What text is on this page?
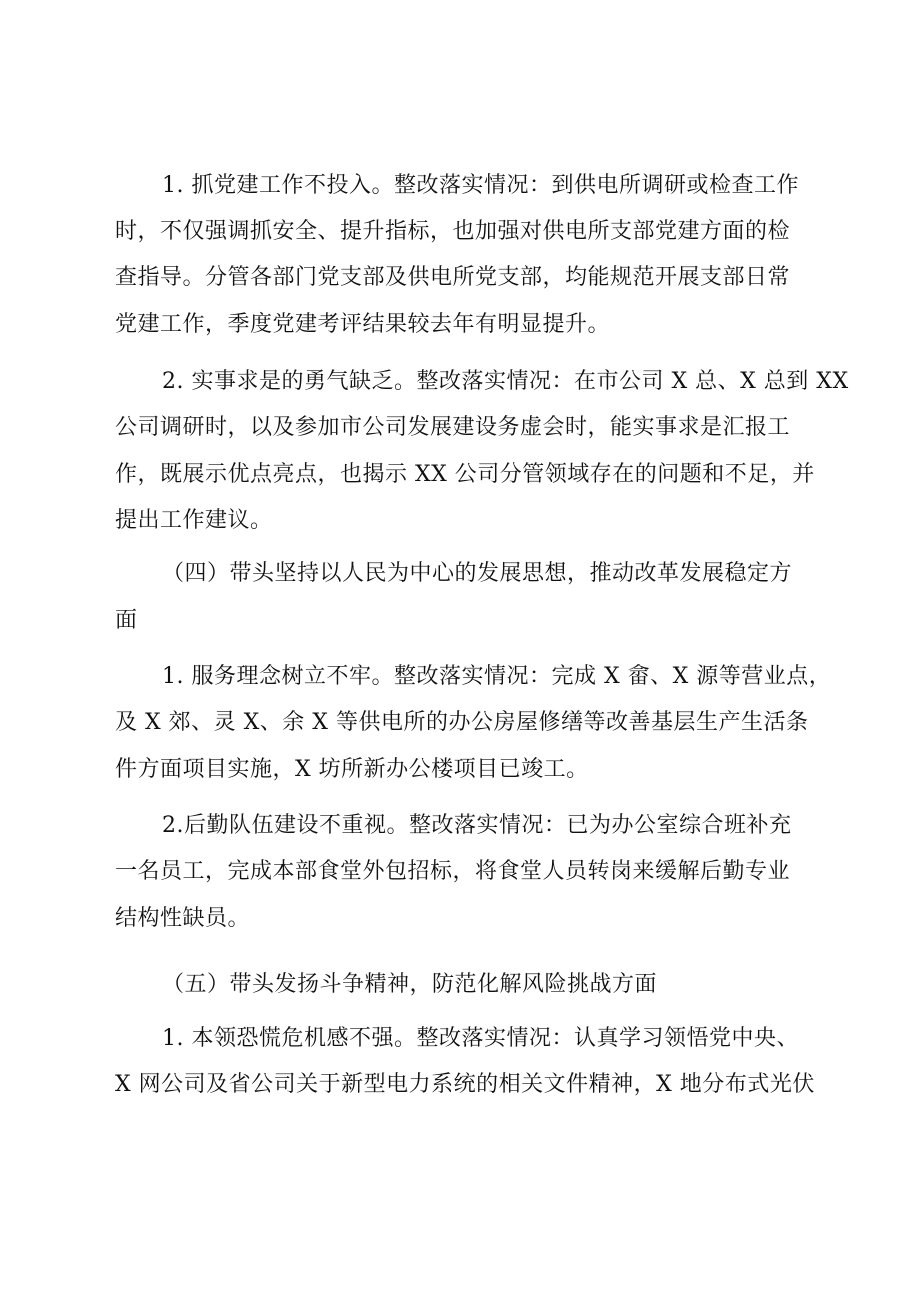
1. 抓党建工作不投入。整改落实情况：到供电所调研或检查工作
时，不仅强调抓安全、提升指标，也加强对供电所支部党建方面的检
查指导。分管各部门党支部及供电所党支部，均能规范开展支部日常
党建工作，季度党建考评结果较去年有明显提升。
2. 实事求是的勇气缺乏。整改落实情况：在市公司 X 总、X 总到 XX
公司调研时，以及参加市公司发展建设务虚会时，能实事求是汇报工
作，既展示优点亮点，也揭示 XX 公司分管领域存在的问题和不足，并
提出工作建议。
（四）带头坚持以人民为中心的发展思想，推动改革发展稳定方
面
1. 服务理念树立不牢。整改落实情况：完成 X 畲、X 源等营业点，
及 X 郊、灵 X、余 X 等供电所的办公房屋修缮等改善基层生产生活条
件方面项目实施，X 坊所新办公楼项目已竣工。
2.后勤队伍建设不重视。整改落实情况：已为办公室综合班补充
一名员工，完成本部食堂外包招标，将食堂人员转岗来缓解后勤专业
结构性缺员。
（五）带头发扬斗争精神，防范化解风险挑战方面
1. 本领恐慌危机感不强。整改落实情况：认真学习领悟党中央、
X 网公司及省公司关于新型电力系统的相关文件精神，X 地分布式光伏
